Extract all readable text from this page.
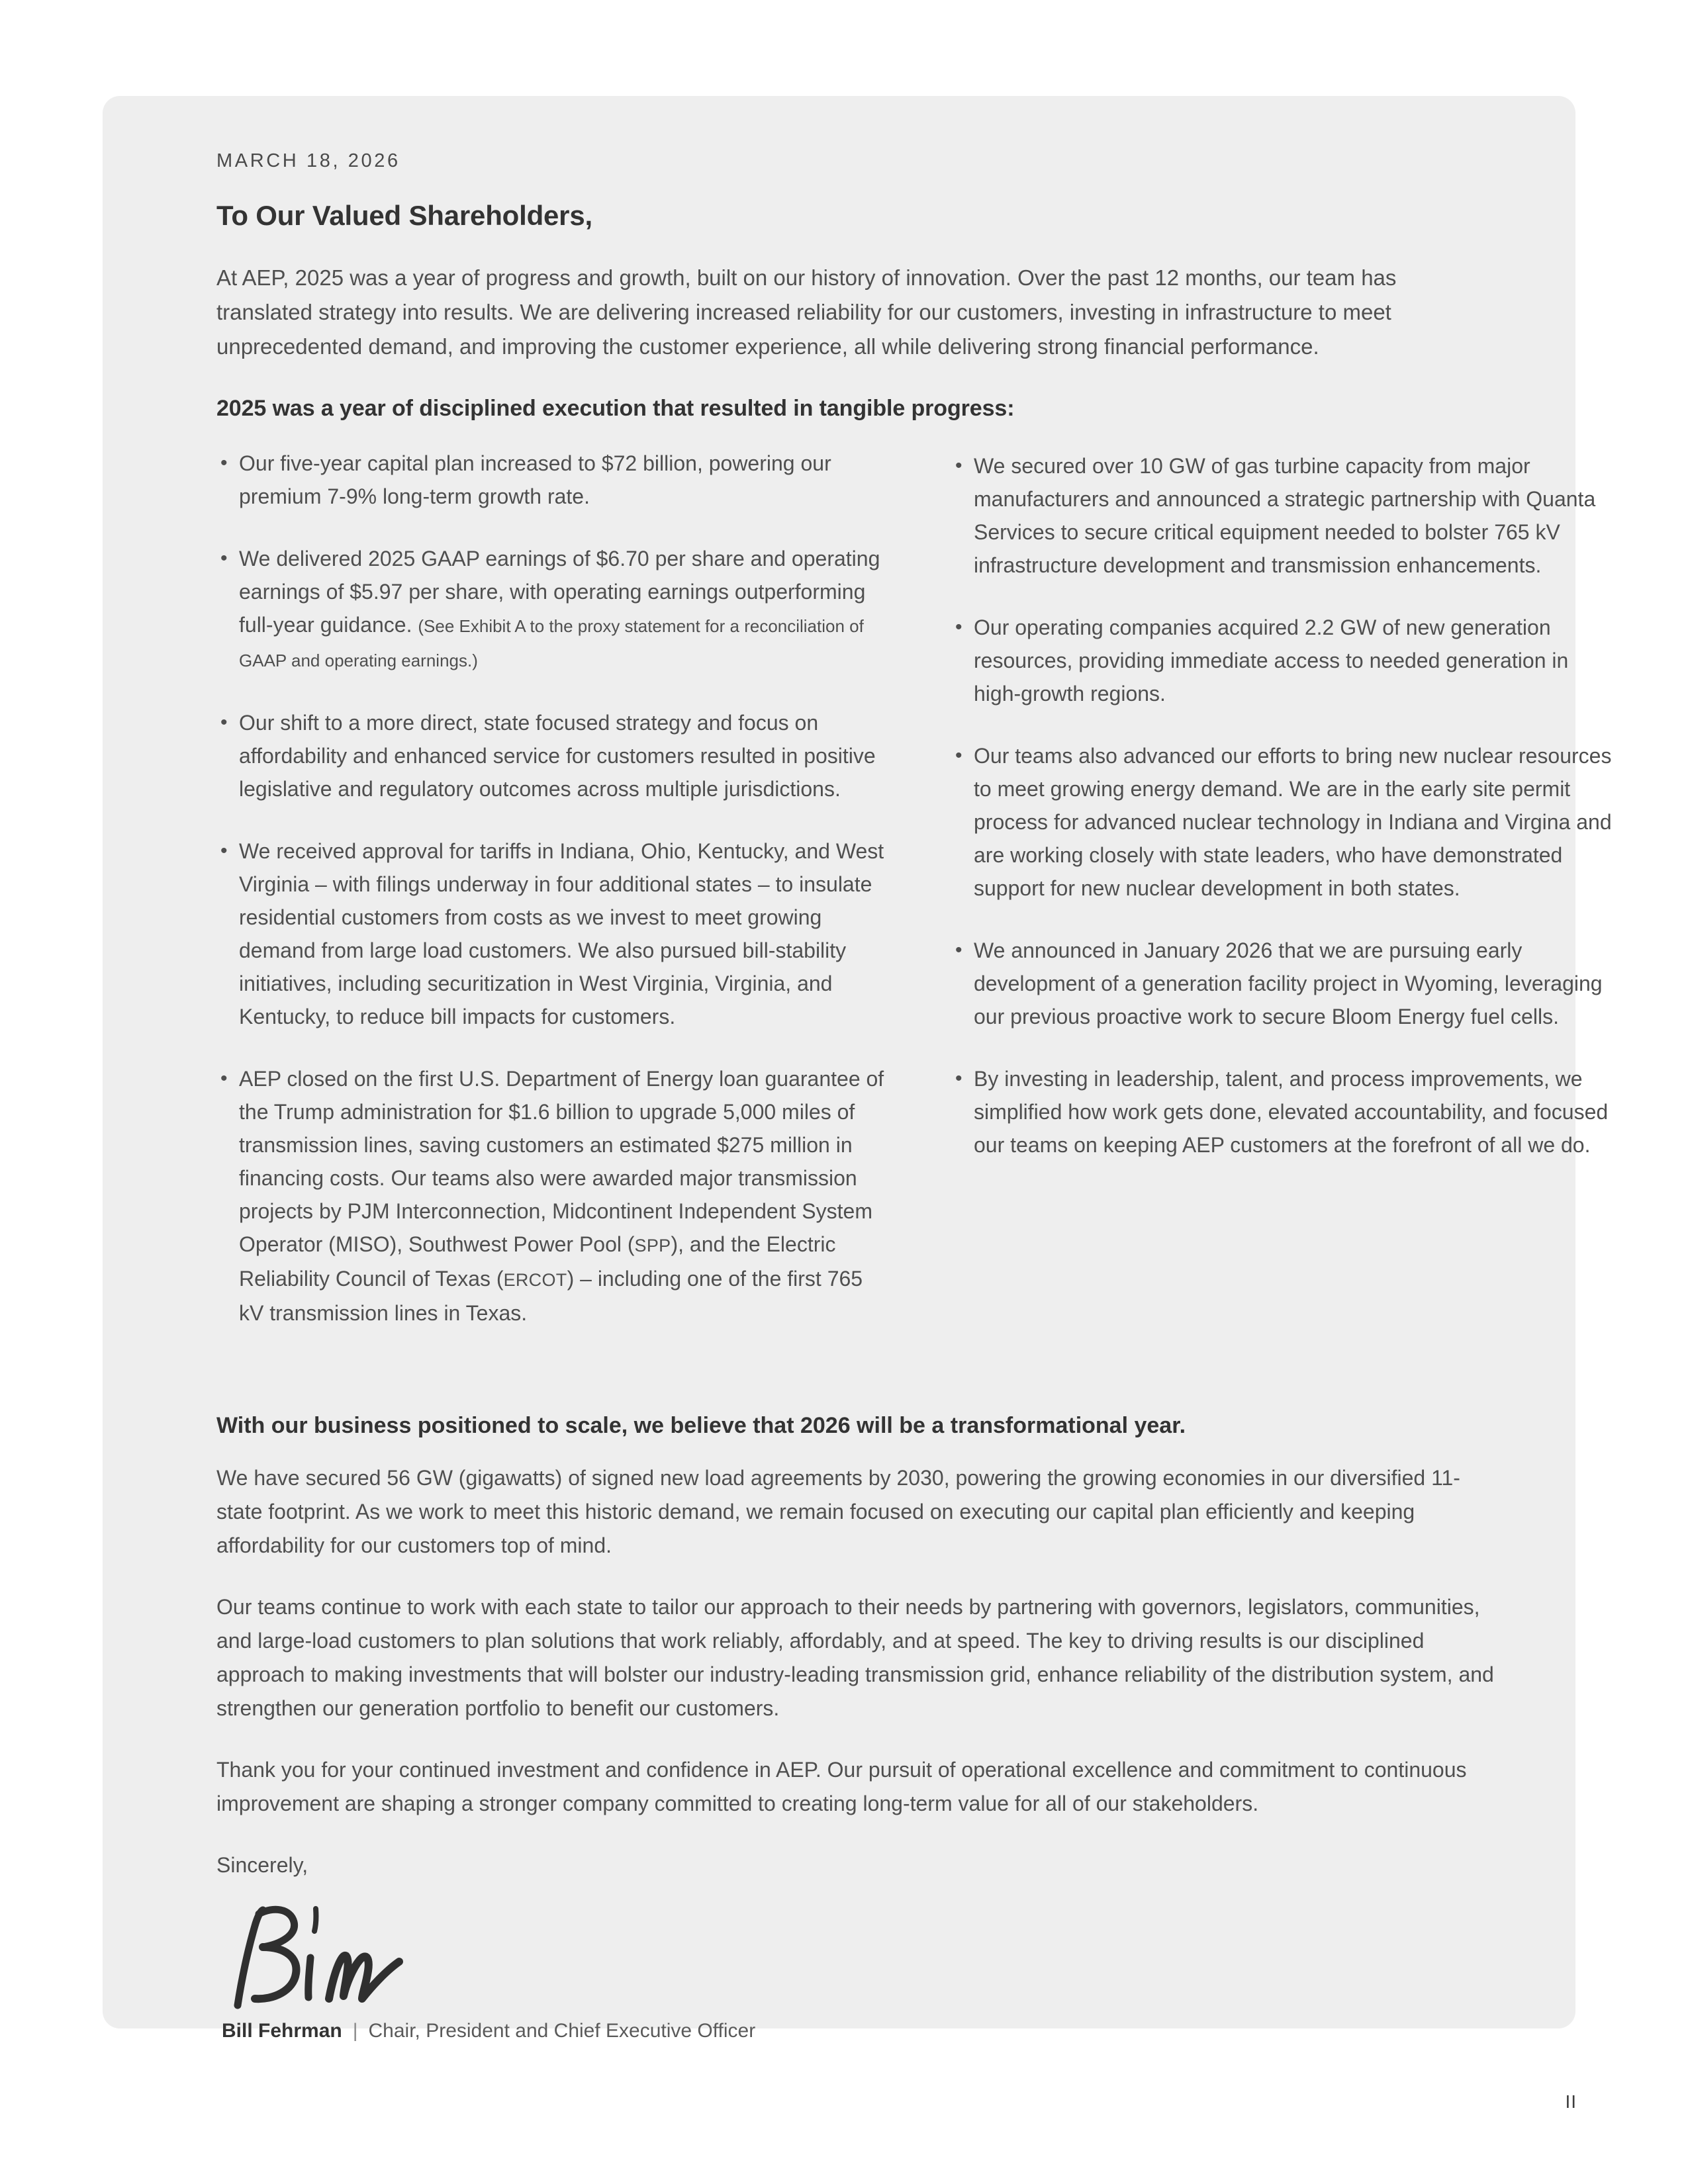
MARCH 18, 2026
To Our Valued Shareholders,

At AEP, 2025 was a year of progress and growth, built on our history of innovation. Over the past 12 months, our team has translated strategy into results. We are delivering increased reliability for our customers, investing in infrastructure to meet unprecedented demand, and improving the customer experience, all while delivering strong financial performance.

2025 was a year of disciplined execution that resulted in tangible progress:
• Our five-year capital plan increased to $72 billion, powering our premium 7-9% long-term growth rate.
• We delivered 2025 GAAP earnings of $6.70 per share and operating earnings of $5.97 per share, with operating earnings outperforming full-year guidance. (See Exhibit A to the proxy statement for a reconciliation of GAAP and operating earnings.)
• Our shift to a more direct, state focused strategy and focus on affordability and enhanced service for customers resulted in positive legislative and regulatory outcomes across multiple jurisdictions.
• We received approval for tariffs in Indiana, Ohio, Kentucky, and West Virginia – with filings underway in four additional states – to insulate residential customers from costs as we invest to meet growing demand from large load customers. We also pursued bill-stability initiatives, including securitization in West Virginia, Virginia, and Kentucky, to reduce bill impacts for customers.
• AEP closed on the first U.S. Department of Energy loan guarantee of the Trump administration for $1.6 billion to upgrade 5,000 miles of transmission lines, saving customers an estimated $275 million in financing costs. Our teams also were awarded major transmission projects by PJM Interconnection, Midcontinent Independent System Operator (MISO), Southwest Power Pool (SPP), and the Electric Reliability Council of Texas (ERCOT) – including one of the first 765 kV transmission lines in Texas.
• We secured over 10 GW of gas turbine capacity from major manufacturers and announced a strategic partnership with Quanta Services to secure critical equipment needed to bolster 765 kV infrastructure development and transmission enhancements.
• Our operating companies acquired 2.2 GW of new generation resources, providing immediate access to needed generation in high-growth regions.
• Our teams also advanced our efforts to bring new nuclear resources to meet growing energy demand. We are in the early site permit process for advanced nuclear technology in Indiana and Virgina and are working closely with state leaders, who have demonstrated support for new nuclear development in both states.
• We announced in January 2026 that we are pursuing early development of a generation facility project in Wyoming, leveraging our previous proactive work to secure Bloom Energy fuel cells.
• By investing in leadership, talent, and process improvements, we simplified how work gets done, elevated accountability, and focused our teams on keeping AEP customers at the forefront of all we do.
With our business positioned to scale, we believe that 2026 will be a transformational year.

We have secured 56 GW (gigawatts) of signed new load agreements by 2030, powering the growing economies in our diversified 11-state footprint. As we work to meet this historic demand, we remain focused on executing our capital plan efficiently and keeping affordability for our customers top of mind.

Our teams continue to work with each state to tailor our approach to their needs by partnering with governors, legislators, communities, and large-load customers to plan solutions that work reliably, affordably, and at speed. The key to driving results is our disciplined approach to making investments that will bolster our industry-leading transmission grid, enhance reliability of the distribution system, and strengthen our generation portfolio to benefit our customers.

Thank you for your continued investment and confidence in AEP. Our pursuit of operational excellence and commitment to continuous improvement are shaping a stronger company committed to creating long-term value for all of our stakeholders.

Sincerely,

Bill Fehrman | Chair, President and Chief Executive Officer
II
